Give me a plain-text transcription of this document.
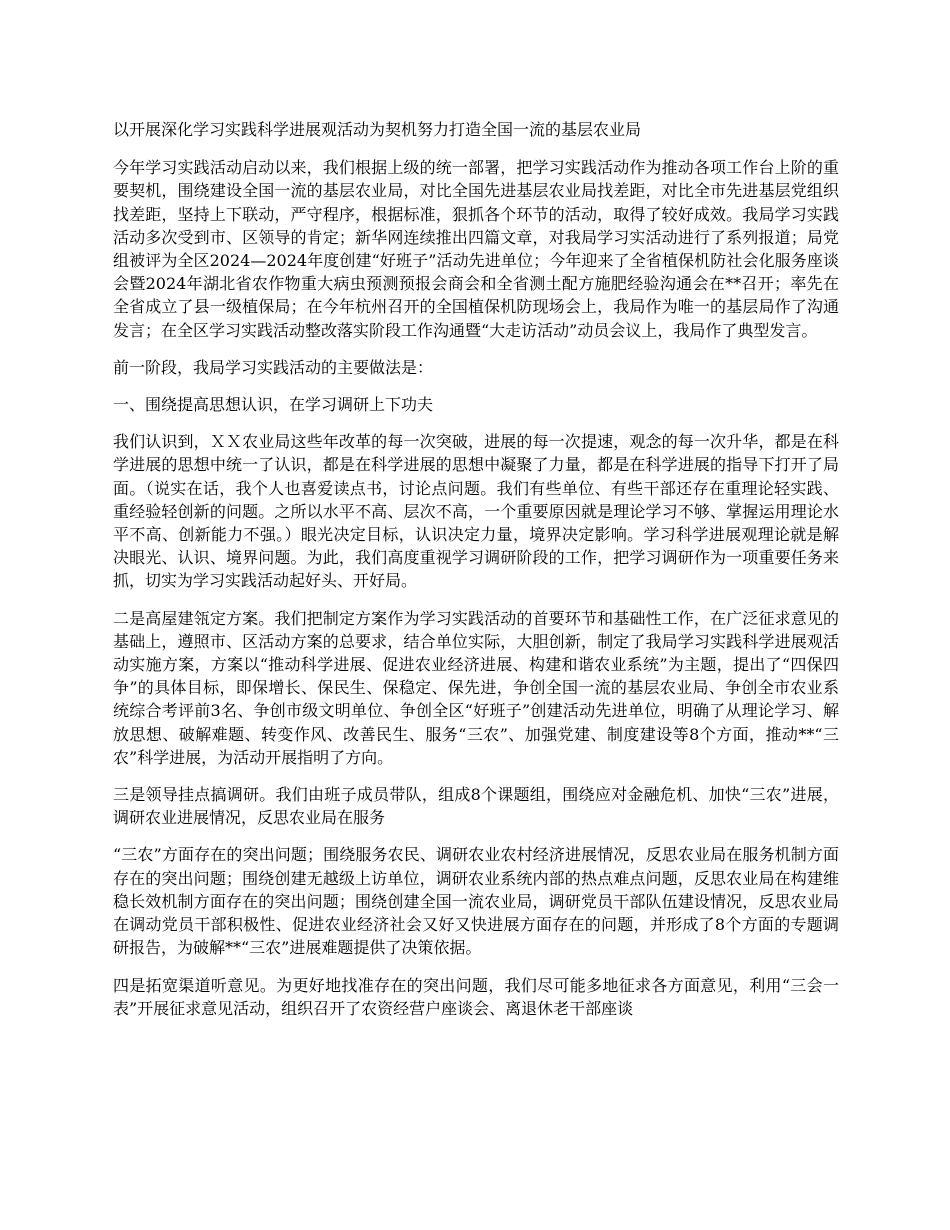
以开展深化学习实践科学进展观活动为契机努力打造全国一流的基层农业局

今年学习实践活动启动以来，我们根据上级的统一部署，把学习实践活动作为推动各项工作台上阶的重要契机，围绕建设全国一流的基层农业局，对比全国先进基层农业局找差距，对比全市先进基层党组织找差距，坚持上下联动，严守程序，根据标准，狠抓各个环节的活动，取得了较好成效。我局学习实践活动多次受到市、区领导的肯定；新华网连续推出四篇文章，对我局学习实活动进行了系列报道；局党组被评为全区2024—2024年度创建“好班子”活动先进单位；今年迎来了全省植保机防社会化服务座谈会暨2024年湖北省农作物重大病虫预测预报会商会和全省测土配方施肥经验沟通会在**召开；率先在全省成立了县一级植保局；在今年杭州召开的全国植保机防现场会上，我局作为唯一的基层局作了沟通发言；在全区学习实践活动整改落实阶段工作沟通暨“大走访活动”动员会议上，我局作了典型发言。

前一阶段，我局学习实践活动的主要做法是：

一、围绕提高思想认识，在学习调研上下功夫

我们认识到，ＸＸ农业局这些年改革的每一次突破，进展的每一次提速，观念的每一次升华，都是在科学进展的思想中统一了认识，都是在科学进展的思想中凝聚了力量，都是在科学进展的指导下打开了局面。（说实在话，我个人也喜爱读点书，讨论点问题。我们有些单位、有些干部还存在重理论轻实践、重经验轻创新的问题。之所以水平不高、层次不高，一个重要原因就是理论学习不够、掌握运用理论水平不高、创新能力不强。）眼光决定目标，认识决定力量，境界决定影响。学习科学进展观理论就是解决眼光、认识、境界问题。为此，我们高度重视学习调研阶段的工作，把学习调研作为一项重要任务来抓，切实为学习实践活动起好头、开好局。

二是高屋建瓴定方案。我们把制定方案作为学习实践活动的首要环节和基础性工作，在广泛征求意见的基础上，遵照市、区活动方案的总要求，结合单位实际，大胆创新，制定了我局学习实践科学进展观活动实施方案，方案以“推动科学进展、促进农业经济进展、构建和谐农业系统”为主题，提出了“四保四争”的具体目标，即保增长、保民生、保稳定、保先进，争创全国一流的基层农业局、争创全市农业系统综合考评前3名、争创市级文明单位、争创全区“好班子”创建活动先进单位，明确了从理论学习、解放思想、破解难题、转变作风、改善民生、服务“三农”、加强党建、制度建设等8个方面，推动**“三农”科学进展，为活动开展指明了方向。

三是领导挂点搞调研。我们由班子成员带队，组成8个课题组，围绕应对金融危机、加快“三农”进展，调研农业进展情况，反思农业局在服务

“三农”方面存在的突出问题；围绕服务农民、调研农业农村经济进展情况，反思农业局在服务机制方面存在的突出问题；围绕创建无越级上访单位，调研农业系统内部的热点难点问题，反思农业局在构建维稳长效机制方面存在的突出问题；围绕创建全国一流农业局，调研党员干部队伍建设情况，反思农业局在调动党员干部积极性、促进农业经济社会又好又快进展方面存在的问题，并形成了8个方面的专题调研报告，为破解**“三农”进展难题提供了决策依据。

四是拓宽渠道听意见。为更好地找准存在的突出问题，我们尽可能多地征求各方面意见，利用“三会一表”开展征求意见活动，组织召开了农资经营户座谈会、离退休老干部座谈
